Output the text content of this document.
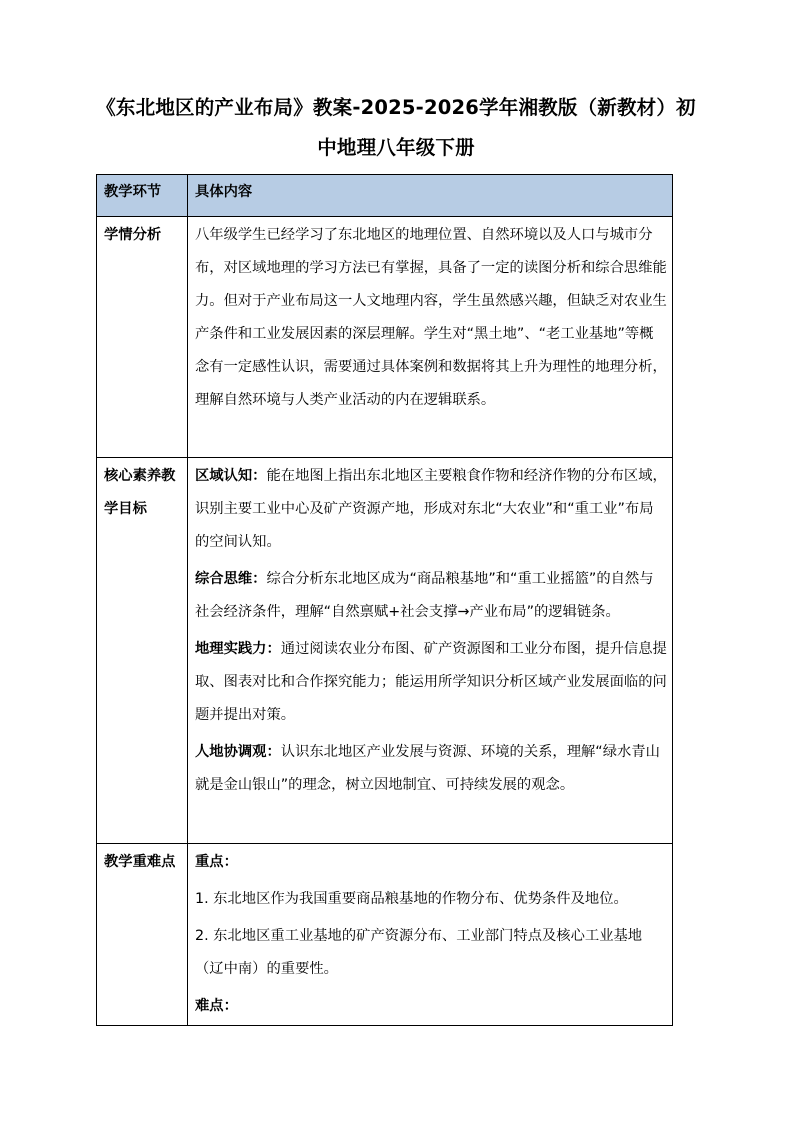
《东北地区的产业布局》教案-2025-2026学年湘教版（新教材）初中地理八年级下册
教学环节	具体内容
学情分析	八年级学生已经学习了东北地区的地理位置、自然环境以及人口与城市分布，对区域地理的学习方法已有掌握，具备了一定的读图分析和综合思维能力。但对于产业布局这一人文地理内容，学生虽然感兴趣，但缺乏对农业生产条件和工业发展因素的深层理解。学生对“黑土地”、“老工业基地”等概念有一定感性认识，需要通过具体案例和数据将其上升为理性的地理分析，理解自然环境与人类产业活动的内在逻辑联系。

核心素养教学目标	区域认知：能在地图上指出东北地区主要粮食作物和经济作物的分布区域，识别主要工业中心及矿产资源产地，形成对东北“大农业”和“重工业”布局的空间认知。

综合思维：综合分析东北地区成为“商品粮基地”和“重工业摇篮”的自然与社会经济条件，理解“自然禀赋+社会支撑→产业布局”的逻辑链条。

地理实践力：通过阅读农业分布图、矿产资源图和工业分布图，提升信息提取、图表对比和合作探究能力；能运用所学知识分析区域产业发展面临的问题并提出对策。

人地协调观：认识东北地区产业发展与资源、环境的关系，理解“绿水青山就是金山银山”的理念，树立因地制宜、可持续发展的观念。

教学重难点	重点：

1. 东北地区作为我国重要商品粮基地的作物分布、优势条件及地位。

2. 东北地区重工业基地的矿产资源分布、工业部门特点及核心工业基地（辽中南）的重要性。

难点：
